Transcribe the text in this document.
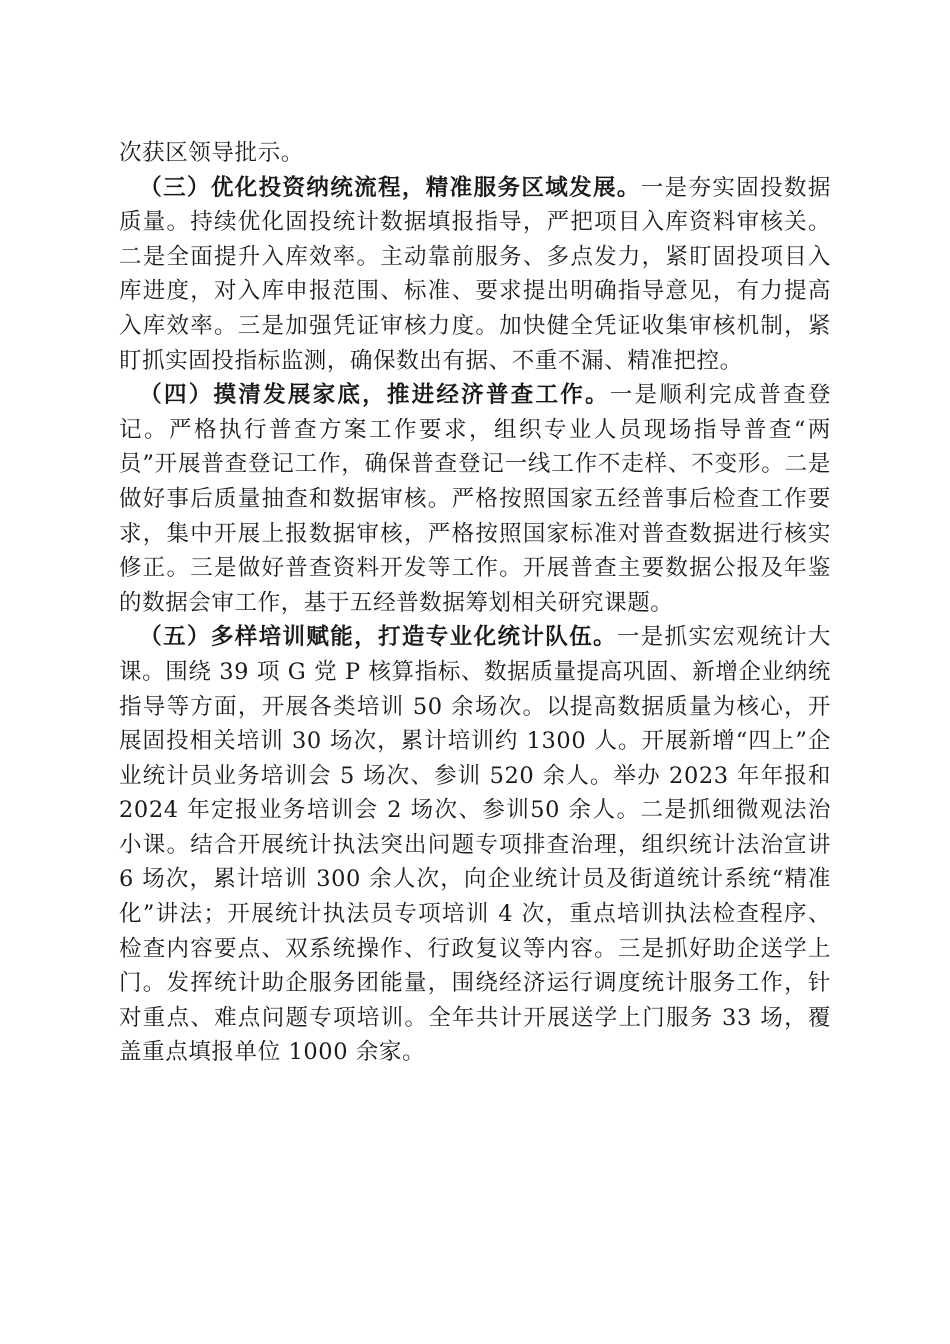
次获区领导批示。

（三）优化投资纳统流程，精准服务区域发展。一是夯实固投数据质量。持续优化固投统计数据填报指导，严把项目入库资料审核关。二是全面提升入库效率。主动靠前服务、多点发力，紧盯固投项目入库进度，对入库申报范围、标准、要求提出明确指导意见，有力提高入库效率。三是加强凭证审核力度。加快健全凭证收集审核机制，紧盯抓实固投指标监测，确保数出有据、不重不漏、精准把控。

（四）摸清发展家底，推进经济普查工作。一是顺利完成普查登记。严格执行普查方案工作要求，组织专业人员现场指导普查“两员”开展普查登记工作，确保普查登记一线工作不走样、不变形。二是做好事后质量抽查和数据审核。严格按照国家五经普事后检查工作要求，集中开展上报数据审核，严格按照国家标准对普查数据进行核实修正。三是做好普查资料开发等工作。开展普查主要数据公报及年鉴的数据会审工作，基于五经普数据筹划相关研究课题。

（五）多样培训赋能，打造专业化统计队伍。一是抓实宏观统计大课。围绕 39 项 G 党 P 核算指标、数据质量提高巩固、新增企业纳统指导等方面，开展各类培训 50 余场次。以提高数据质量为核心，开展固投相关培训 30 场次，累计培训约 1300 人。开展新增“四上”企业统计员业务培训会 5 场次、参训 520 余人。举办 2023 年年报和 2024 年定报业务培训会 2 场次、参训50 余人。二是抓细微观法治小课。结合开展统计执法突出问题专项排查治理，组织统计法治宣讲 6 场次，累计培训 300 余人次，向企业统计员及街道统计系统“精准化”讲法；开展统计执法员专项培训 4 次，重点培训执法检查程序、检查内容要点、双系统操作、行政复议等内容。三是抓好助企送学上门。发挥统计助企服务团能量，围绕经济运行调度统计服务工作，针对重点、难点问题专项培训。全年共计开展送学上门服务 33 场，覆盖重点填报单位 1000 余家。
